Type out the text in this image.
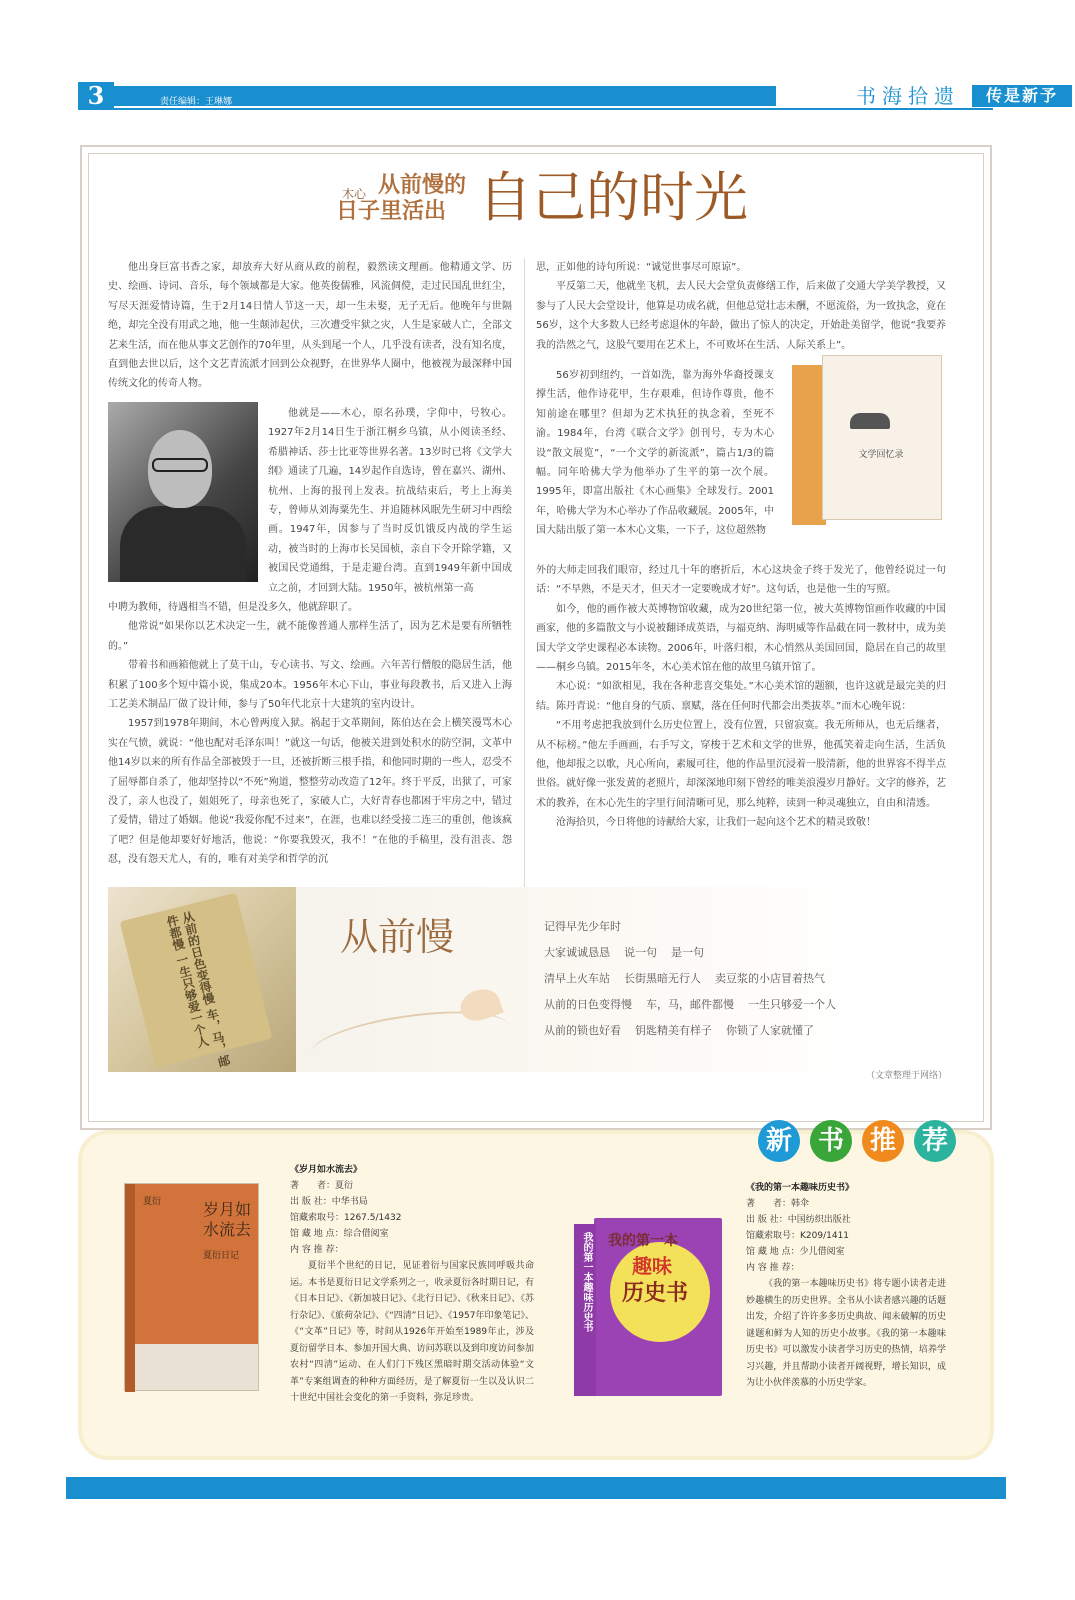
3	责任编辑：王琳娜	书海拾遗	传是新予
木心 从前慢的
日子里活出 自己的时光

他出身巨富书香之家，却放弃大好从商从政的前程，毅然读文理画。他精通文学、历史、绘画、诗词、音乐，每个领域都是大家。他英俊儒雅，风流倜傥，走过民国乱世红尘，写尽天涯爱情诗篇，生于2月14日情人节这一天，却一生未娶，无子无后。他晚年与世隔绝，却完全没有用武之地，他一生颠沛起伏，三次遭受牢狱之灾，人生是家破人亡，全部文艺来生活，而在他从事文艺创作的70年里，从头到尾一个人，几乎没有读者，没有知名度，直到他去世以后，这个文艺青流派才回到公众视野，在世界华人圈中，他被视为最深释中国传统文化的传奇人物。

他就是——木心，原名孙璞，字仰中，号牧心。1927年2月14日生于浙江桐乡乌镇，从小阅读圣经、希腊神话、莎士比亚等世界名著。13岁时已将《文学大纲》通读了几遍，14岁起作自选诗，曾在嘉兴、湖州、杭州、上海的报刊上发表。抗战结束后，考上上海美专，曾师从刘海粟先生、并追随林风眠先生研习中西绘画。1947年，因参与了当时反饥饿反内战的学生运动，被当时的上海市长吴国桢，亲自下令开除学籍，又被国民党通缉，于是走避台湾。直到1949年新中国成立之前，才回到大陆。1950年，被杭州第一高

中聘为教师，待遇相当不错，但是没多久，他就辞职了。

他常说“如果你以艺术决定一生，就不能像普通人那样生活了，因为艺术是要有所牺牲的。”

带着书和画箱他就上了莫干山，专心读书、写文、绘画。六年苦行僧般的隐居生活，他积累了100多个短中篇小说，集成20本。1956年木心下山，事业每段教书，后又进入上海工艺美术制品厂做了设计师，参与了50年代北京十大建筑的室内设计。

1957到1978年期间，木心曾两度入狱。祸起于文革期间，陈伯达在会上横笑漫骂木心实在气愤，就说：“他也配对毛泽东叫！”就这一句话，他被关进到处积水的防空洞，文革中他14岁以来的所有作品全部被毁于一旦，还被折断三根手指，和他同时期的一些人，忍受不了屈辱都自杀了，他却坚持以“不死”殉道，整整劳动改造了12年。终于平反，出狱了，可家没了，亲人也没了，姐姐死了，母亲也死了，家破人亡，大好青春也都困于牢房之中，错过了爱情，错过了婚姻。他说“我爱你配不过来”，在涯，也难以经受接二连三的重创，他该疯了吧？但是他却要好好地活，他说：“你要我毁灭，我不！”在他的手稿里，没有沮丧、怨怼，没有怨天尤人，有的，唯有对美学和哲学的沉

思，正如他的诗句所说：“诚觉世事尽可原谅”。

平反第二天，他就坐飞机，去人民大会堂负责修缮工作，后来做了交通大学美学教授，又参与了人民大会堂设计，他算是功成名就，但他总觉壮志未酬，不愿流俗，为一致执念，竟在56岁，这个大多数人已经考虑退休的年龄，做出了惊人的决定，开始赴美留学，他说“我要养我的浩然之气，这股气要用在艺术上，不可败坏在生活、人际关系上”。

56岁初到纽约，一首如洗，靠为海外华裔授课支撑生活，他作诗花甲，生存艰难，但诗作尊贵，他不知前途在哪里？但却为艺术执狂的执念着，至死不渝。1984年，台湾《联合文学》创刊号，专为木心设“散文展览”，“一个文学的新流派”，篇占1/3的篇幅。同年哈佛大学为他举办了生平的第一次个展。1995年，即富出版社《木心画集》全球发行。2001年，哈佛大学为木心举办了作品收藏展。2005年，中国大陆出版了第一本木心文集，一下子，这位超然物

文学回忆录
外的大师走回我们眼帘，经过几十年的磨折后，木心这块金子终于发光了，他曾经说过一句话：“不早熟，不是天才，但天才一定要晚成才好”。这句话，也是他一生的写照。

如今，他的画作被大英博物馆收藏，成为20世纪第一位，被大英博物馆画作收藏的中国画家，他的多篇散文与小说被翻译成英语，与福克纳、海明威等作品截在同一教材中，成为美国大学文学史课程必本读物。2006年，叶落归根，木心悄然从美国回国，隐居在自己的故里——桐乡乌镇。2015年冬，木心美术馆在他的故里乌镇开馆了。

木心说：“如欲相见，我在各种悲喜交集处。”木心美术馆的题额，也许这就是最完美的归结。陈丹青说：“他自身的气质、禀赋，落在任何时代都会出类拔萃。”而木心晚年说：

“不用考虑把我放到什么历史位置上，没有位置，只留寂寞。我无所师从，也无后继者，从不标榜。”他左手画画，右手写文，穿梭于艺术和文学的世界，他孤笑着走向生活，生活负他，他却报之以歌，凡心所向，素履可往，他的作品里沉浸着一股清新，他的世界容不得半点世俗。就好像一张发黄的老照片，却深深地印刻下曾经的唯美浪漫岁月静好。文字的修养，艺术的教养，在木心先生的字里行间清晰可见，那么纯粹，读到一种灵魂独立，自由和清透。

沧海拾贝，今日将他的诗献给大家，让我们一起向这个艺术的精灵致敬！

从前的日色变得慢 车，马，邮件都慢 一生只够爱一个人	从前慢	记得早先少年时
大家诚诚恳恳    说一句    是一句
清早上火车站    长街黑暗无行人    卖豆浆的小店冒着热气
从前的日色变得慢    车，马，邮件都慢    一生只够爱一个人
从前的锁也好看    钥匙精美有样子    你锁了人家就懂了
（文章整理于网络）
新 书 推 荐
夏衍	岁月如水流去
夏衍日记
《岁月如水流去》
著　　者：夏衍
出 版 社：中华书局
馆藏索取号：1267.5/1432
馆 藏 地 点：综合借阅室
内 容 推 荐：

夏衍半个世纪的日记，见证着衍与国家民族同呼吸共命运。本书是夏衍日记文学系列之一，收录夏衍各时期日记，有《日本日记》、《新加坡日记》、《北行日记》、《秋来日记》、《苏行杂记》、《旅荷杂记》、《“四清”日记》、《1957年印象笔记》、《“文革”日记》等，时间从1926年开始至1989年止，涉及夏衍留学日本、参加开国大典、访问苏联以及到印度访问参加农村“四清”运动、在人们门下残区黑暗时期交活动体验“文革”专案组调查的种种方面经历，是了解夏衍一生以及认识二十世纪中国社会变化的第一手资料，弥足珍贵。

我的第一本
趣味
历史书
我的第一本趣味历史书
《我的第一本趣味历史书》
著　　者：韩伞
出 版 社：中国纺织出版社
馆藏索取号：K209/1411
馆 藏 地 点：少儿借阅室
内 容 推 荐：

《我的第一本趣味历史书》将专题小读者走进妙趣横生的历史世界。全书从小读者感兴趣的话题出发，介绍了许许多多历史典故、闻未破解的历史谜题和鲜为人知的历史小故事。《我的第一本趣味历史书》可以激发小读者学习历史的热情，培养学习兴趣，并且帮助小读者开阔视野，增长知识，成为让小伙伴羡慕的小历史学家。
